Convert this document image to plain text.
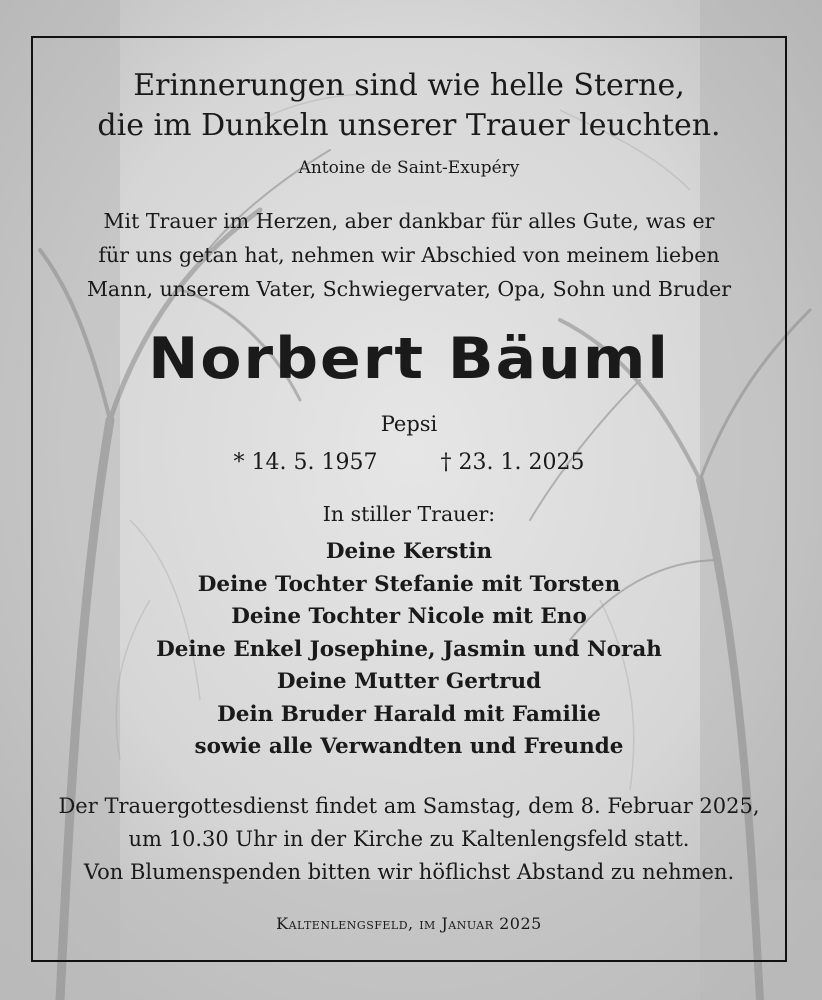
Erinnerungen sind wie helle Sterne,
die im Dunkeln unserer Trauer leuchten.
Antoine de Saint-Exupéry
Mit Trauer im Herzen, aber dankbar für alles Gute, was er
für uns getan hat, nehmen wir Abschied von meinem lieben
Mann, unserem Vater, Schwiegervater, Opa, Sohn und Bruder
Norbert Bäuml
Pepsi
* 14. 5. 1957	† 23. 1. 2025
In stiller Trauer:
Deine Kerstin
Deine Tochter Stefanie mit Torsten
Deine Tochter Nicole mit Eno
Deine Enkel Josephine, Jasmin und Norah
Deine Mutter Gertrud
Dein Bruder Harald mit Familie
sowie alle Verwandten und Freunde
Der Trauergottesdienst findet am Samstag, dem 8. Februar 2025,
um 10.30 Uhr in der Kirche zu Kaltenlengsfeld statt.
Von Blumenspenden bitten wir höflichst Abstand zu nehmen.
Kaltenlengsfeld, im Januar 2025
